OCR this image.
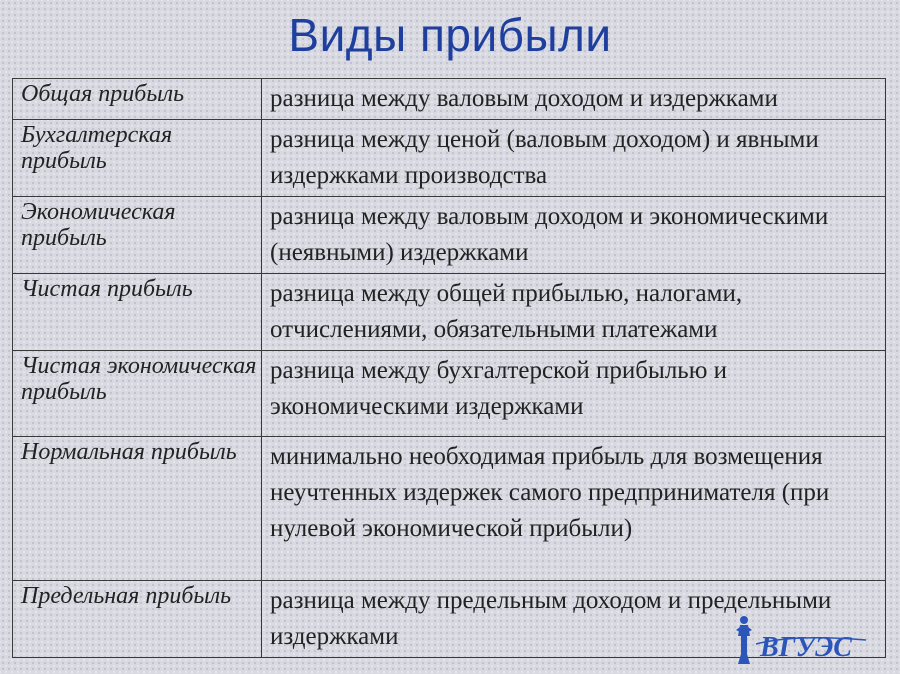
Виды прибыли
Общая прибыль	разница между валовым доходом и издержками
Бухгалтерская прибыль	разница между ценой (валовым доходом) и явными издержками производства
Экономическая прибыль	разница между валовым доходом и экономическими (неявными) издержками
Чистая прибыль	разница между общей прибылью, налогами, отчислениями, обязательными платежами
Чистая экономическая прибыль	разница между бухгалтерской прибылью и экономическими издержками
Нормальная прибыль	минимально необходимая прибыль для возмещения неучтенных издержек самого предпринимателя (при нулевой экономической прибыли)
Предельная прибыль	разница между предельным доходом и предельными издержками	ВГУЭС
